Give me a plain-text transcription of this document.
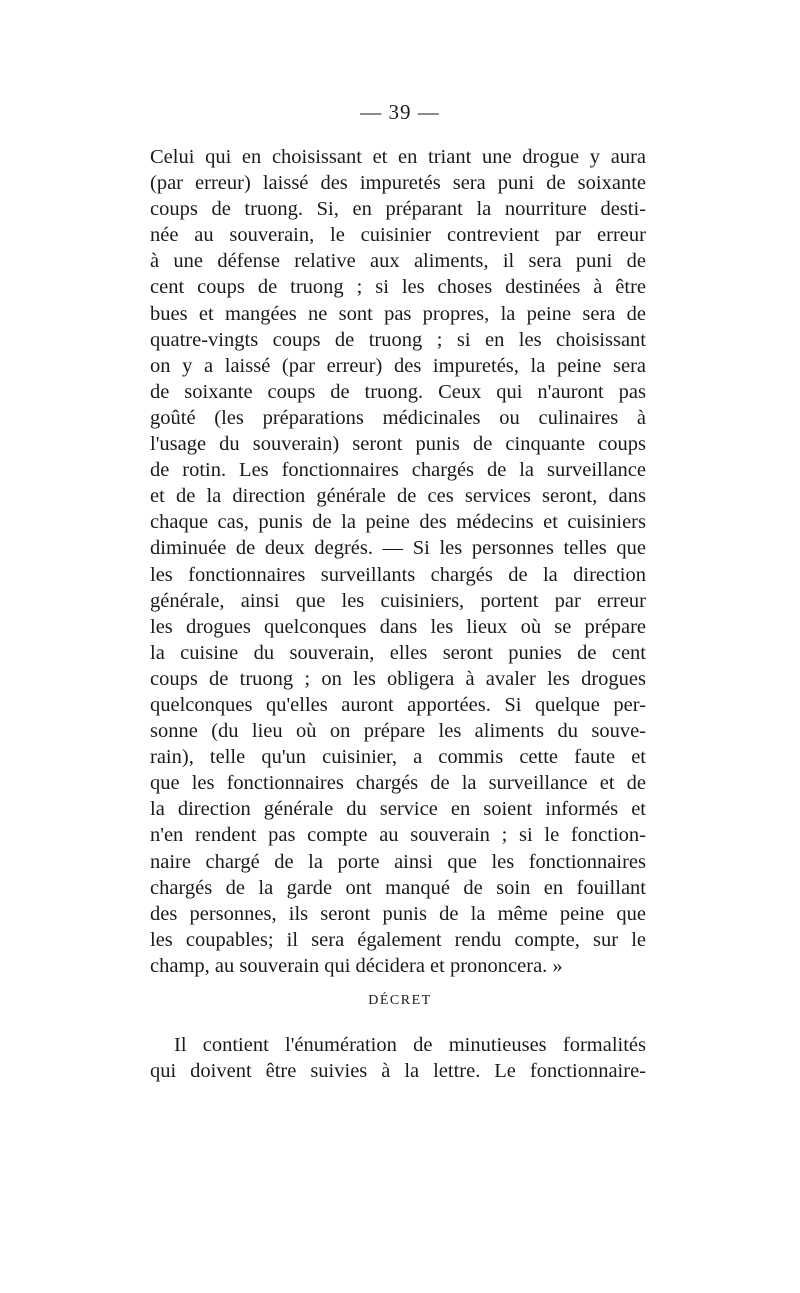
— 39 —
Celui qui en choisissant et en triant une drogue y aura
(par erreur) laissé des impuretés sera puni de soixante
coups de truong. Si, en préparant la nourriture desti-
née au souverain, le cuisinier contrevient par erreur
à une défense relative aux aliments, il sera puni de
cent coups de truong ; si les choses destinées à être
bues et mangées ne sont pas propres, la peine sera de
quatre-vingts coups de truong ; si en les choisissant
on y a laissé (par erreur) des impuretés, la peine sera
de soixante coups de truong. Ceux qui n'auront pas
goûté (les préparations médicinales ou culinaires à
l'usage du souverain) seront punis de cinquante coups
de rotin. Les fonctionnaires chargés de la surveillance
et de la direction générale de ces services seront, dans
chaque cas, punis de la peine des médecins et cuisiniers
diminuée de deux degrés. — Si les personnes telles que
les fonctionnaires surveillants chargés de la direction
générale, ainsi que les cuisiniers, portent par erreur
les drogues quelconques dans les lieux où se prépare
la cuisine du souverain, elles seront punies de cent
coups de truong ; on les obligera à avaler les drogues
quelconques qu'elles auront apportées. Si quelque per-
sonne (du lieu où on prépare les aliments du souve-
rain), telle qu'un cuisinier, a commis cette faute et
que les fonctionnaires chargés de la surveillance et de
la direction générale du service en soient informés et
n'en rendent pas compte au souverain ; si le fonction-
naire chargé de la porte ainsi que les fonctionnaires
chargés de la garde ont manqué de soin en fouillant
des personnes, ils seront punis de la même peine que
les coupables; il sera également rendu compte, sur le
champ, au souverain qui décidera et prononcera. »
DÉCRET
Il contient l'énumération de minutieuses formalités
qui doivent être suivies à la lettre. Le fonctionnaire-
